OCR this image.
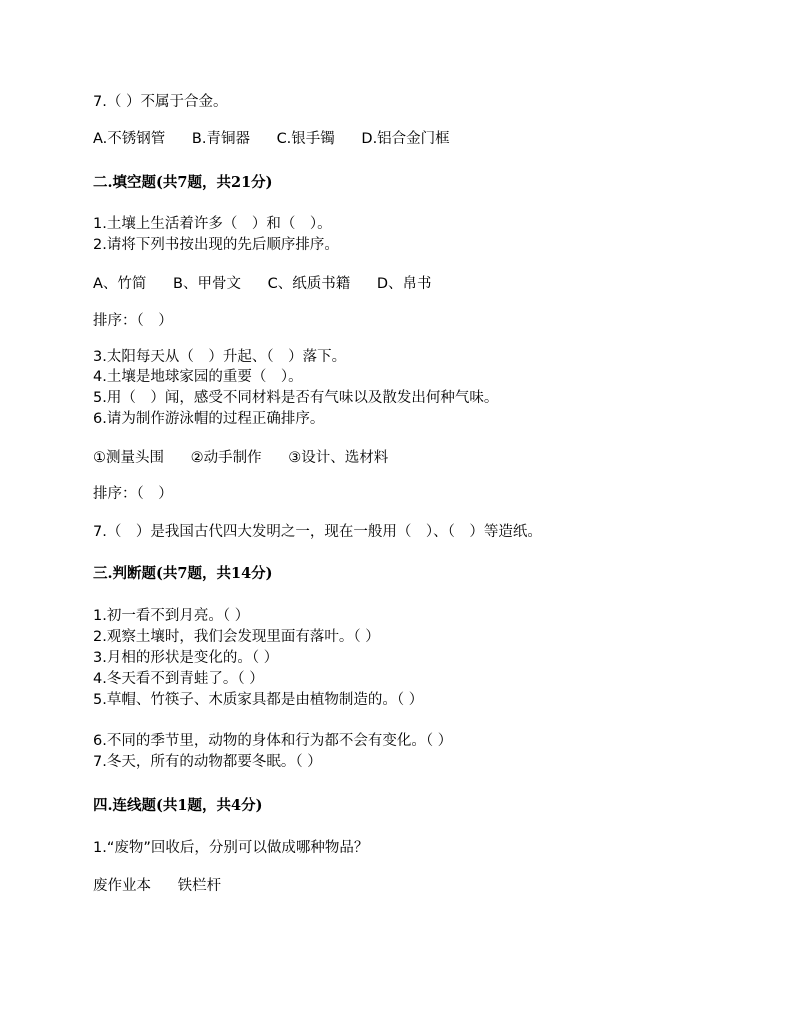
7.（ ）不属于合金。
A.不锈钢管 B.青铜器 C.银手镯 D.铝合金门框
二.填空题(共7题，共21分)
1.土壤上生活着许多（　）和（　）。
2.请将下列书按出现的先后顺序排序。
A、竹简 B、甲骨文 C、纸质书籍 D、帛书
排序：（　）
3.太阳每天从（　）升起、（　）落下。
4.土壤是地球家园的重要（　）。
5.用（　）闻，感受不同材料是否有气味以及散发出何种气味。
6.请为制作游泳帽的过程正确排序。
①测量头围 ②动手制作 ③设计、选材料
排序：（　）
7.（　）是我国古代四大发明之一，现在一般用（　）、（　）等造纸。
三.判断题(共7题，共14分)
1.初一看不到月亮。（ ）
2.观察土壤时，我们会发现里面有落叶。（ ）
3.月相的形状是变化的。（ ）
4.冬天看不到青蛙了。（ ）
5.草帽、竹筷子、木质家具都是由植物制造的。（ ）
6.不同的季节里，动物的身体和行为都不会有变化。（ ）
7.冬天，所有的动物都要冬眠。（ ）
四.连线题(共1题，共4分)
1.“废物”回收后，分别可以做成哪种物品？
废作业本 铁栏杆
